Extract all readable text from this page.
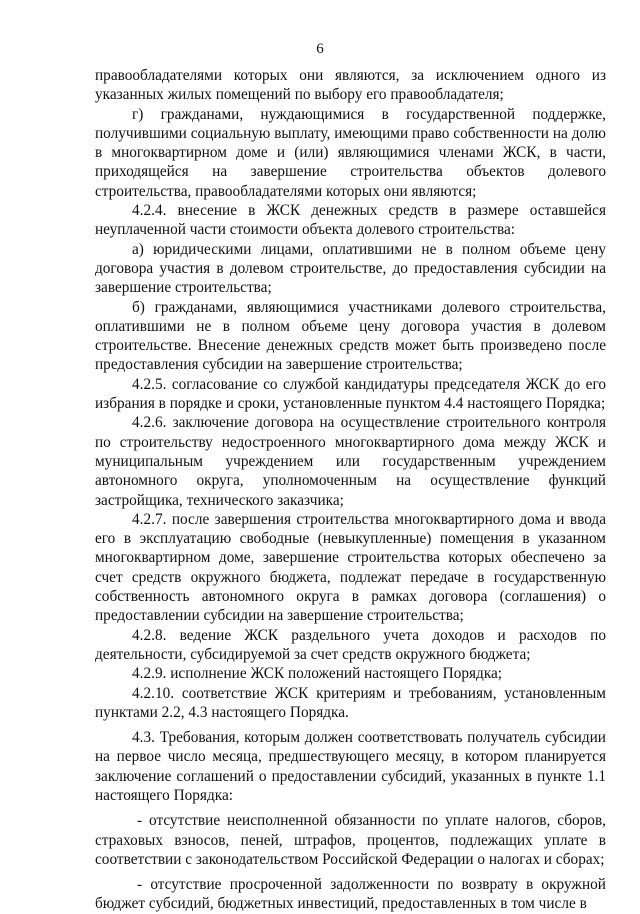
6

правообладателями которых они являются, за исключением одного из указанных жилых помещений по выбору его правообладателя;

г) гражданами, нуждающимися в государственной поддержке, получившими социальную выплату, имеющими право собственности на долю в многоквартирном доме и (или) являющимися членами ЖСК, в части, приходящейся на завершение строительства объектов долевого строительства, правообладателями которых они являются;

4.2.4. внесение в ЖСК денежных средств в размере оставшейся неуплаченной части стоимости объекта долевого строительства:

а) юридическими лицами, оплатившими не в полном объеме цену договора участия в долевом строительстве, до предоставления субсидии на завершение строительства;

б) гражданами, являющимися участниками долевого строительства, оплатившими не в полном объеме цену договора участия в долевом строительстве. Внесение денежных средств может быть произведено после предоставления субсидии на завершение строительства;

4.2.5. согласование со службой кандидатуры председателя ЖСК до его избрания в порядке и сроки, установленные пунктом 4.4 настоящего Порядка;

4.2.6. заключение договора на осуществление строительного контроля по строительству недостроенного многоквартирного дома между ЖСК и муниципальным учреждением или государственным учреждением автономного округа, уполномоченным на осуществление функций застройщика, технического заказчика;

4.2.7. после завершения строительства многоквартирного дома и ввода его в эксплуатацию свободные (невыкупленные) помещения в указанном многоквартирном доме, завершение строительства которых обеспечено за счет средств окружного бюджета, подлежат передаче в государственную собственность автономного округа в рамках договора (соглашения) о предоставлении субсидии на завершение строительства;

4.2.8. ведение ЖСК раздельного учета доходов и расходов по деятельности, субсидируемой за счет средств окружного бюджета;

4.2.9. исполнение ЖСК положений настоящего Порядка;

4.2.10. соответствие ЖСК критериям и требованиям, установленным пунктами 2.2, 4.3 настоящего Порядка.

4.3. Требования, которым должен соответствовать получатель субсидии на первое число месяца, предшествующего месяцу, в котором планируется заключение соглашений о предоставлении субсидий, указанных в пункте 1.1 настоящего Порядка:

- отсутствие неисполненной обязанности по уплате налогов, сборов, страховых взносов, пеней, штрафов, процентов, подлежащих уплате в соответствии с законодательством Российской Федерации о налогах и сборах;

- отсутствие просроченной задолженности по возврату в окружной бюджет субсидий, бюджетных инвестиций, предоставленных в том числе в
